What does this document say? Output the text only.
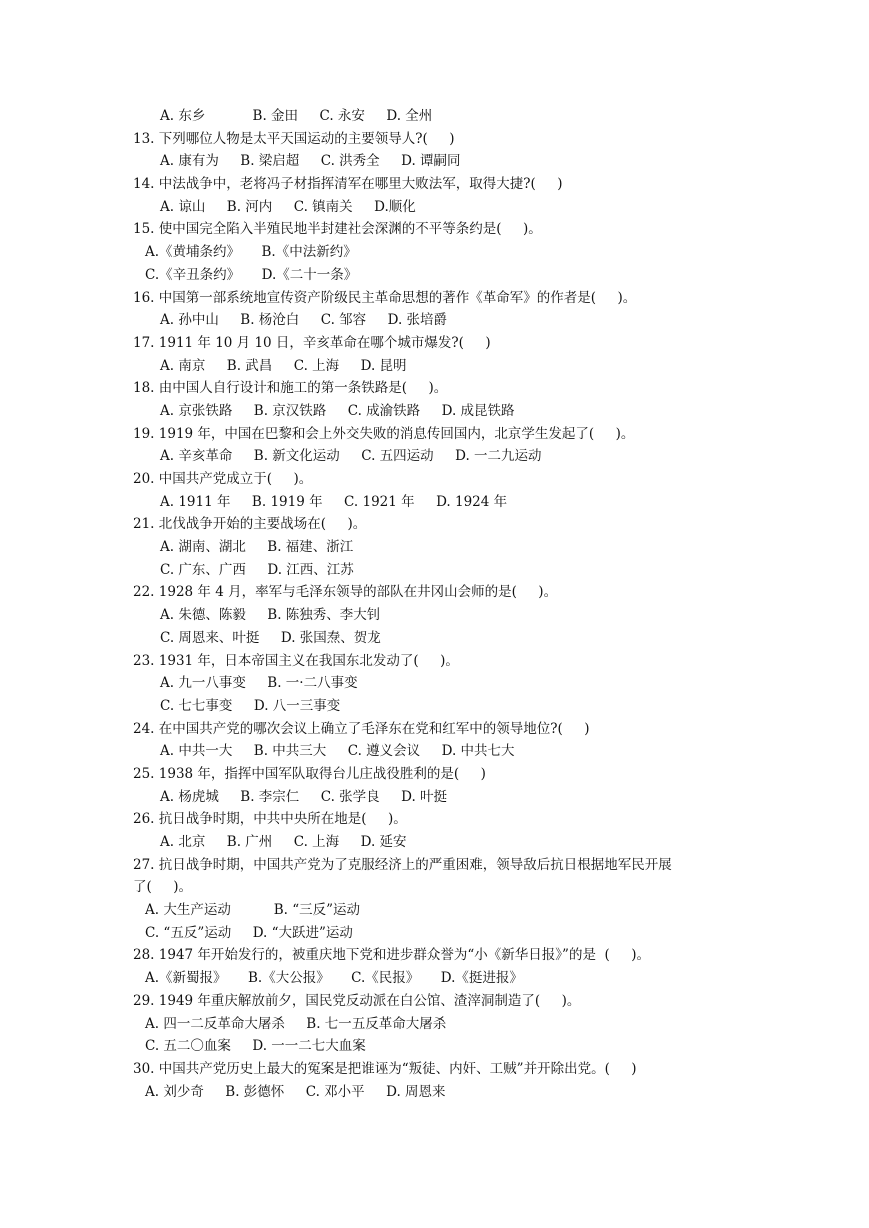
A. 东乡           B. 金田     C. 永安     D. 全州
13. 下列哪位人物是太平天国运动的主要领导人?(     )
A. 康有为     B. 梁启超     C. 洪秀全     D. 谭嗣同
14. 中法战争中，老将冯子材指挥清军在哪里大败法军，取得大捷?(     )
A. 谅山     B. 河内     C. 镇南关     D.顺化
15. 使中国完全陷入半殖民地半封建社会深渊的不平等条约是(     )。
A.《黄埔条约》     B.《中法新约》
C.《辛丑条约》     D.《二十一条》
16. 中国第一部系统地宣传资产阶级民主革命思想的著作《革命军》的作者是(     )。
A. 孙中山     B. 杨沧白     C. 邹容     D. 张培爵
17. 1911 年 10 月 10 日，辛亥革命在哪个城市爆发?(     )
A. 南京     B. 武昌     C. 上海     D. 昆明
18. 由中国人自行设计和施工的第一条铁路是(     )。
A. 京张铁路     B. 京汉铁路     C. 成渝铁路     D. 成昆铁路
19. 1919 年，中国在巴黎和会上外交失败的消息传回国内，北京学生发起了(     )。
A. 辛亥革命     B. 新文化运动     C. 五四运动     D. 一二九运动
20. 中国共产党成立于(     )。
A. 1911 年     B. 1919 年     C. 1921 年     D. 1924 年
21. 北伐战争开始的主要战场在(     )。
A. 湖南、湖北     B. 福建、浙江
C. 广东、广西     D. 江西、江苏
22. 1928 年 4 月，率军与毛泽东领导的部队在井冈山会师的是(     )。
A. 朱德、陈毅     B. 陈独秀、李大钊
C. 周恩来、叶挺     D. 张国焘、贺龙
23. 1931 年，日本帝国主义在我国东北发动了(     )。
A. 九一八事变     B. 一·二八事变
C. 七七事变     D. 八一三事变
24. 在中国共产党的哪次会议上确立了毛泽东在党和红军中的领导地位?(     )
A. 中共一大     B. 中共三大     C. 遵义会议     D. 中共七大
25. 1938 年，指挥中国军队取得台儿庄战役胜利的是(     )
A. 杨虎城     B. 李宗仁     C. 张学良     D. 叶挺
26. 抗日战争时期，中共中央所在地是(     )。
A. 北京     B. 广州     C. 上海     D. 延安
27. 抗日战争时期，中国共产党为了克服经济上的严重困难，领导敌后抗日根据地军民开展
了(     )。
A. 大生产运动          B. “三反”运动
C. “五反”运动     D. “大跃进”运动
28. 1947 年开始发行的，被重庆地下党和进步群众誉为“小《新华日报》”的是  (     )。
A.《新蜀报》     B.《大公报》     C.《民报》     D.《挺进报》
29. 1949 年重庆解放前夕，国民党反动派在白公馆、渣滓洞制造了(     )。
A. 四一二反革命大屠杀     B. 七一五反革命大屠杀
C. 五二〇血案     D. 一一二七大血案
30. 中国共产党历史上最大的冤案是把谁诬为“叛徒、内奸、工贼”并开除出党。(     )
A. 刘少奇     B. 彭德怀     C. 邓小平     D. 周恩来
